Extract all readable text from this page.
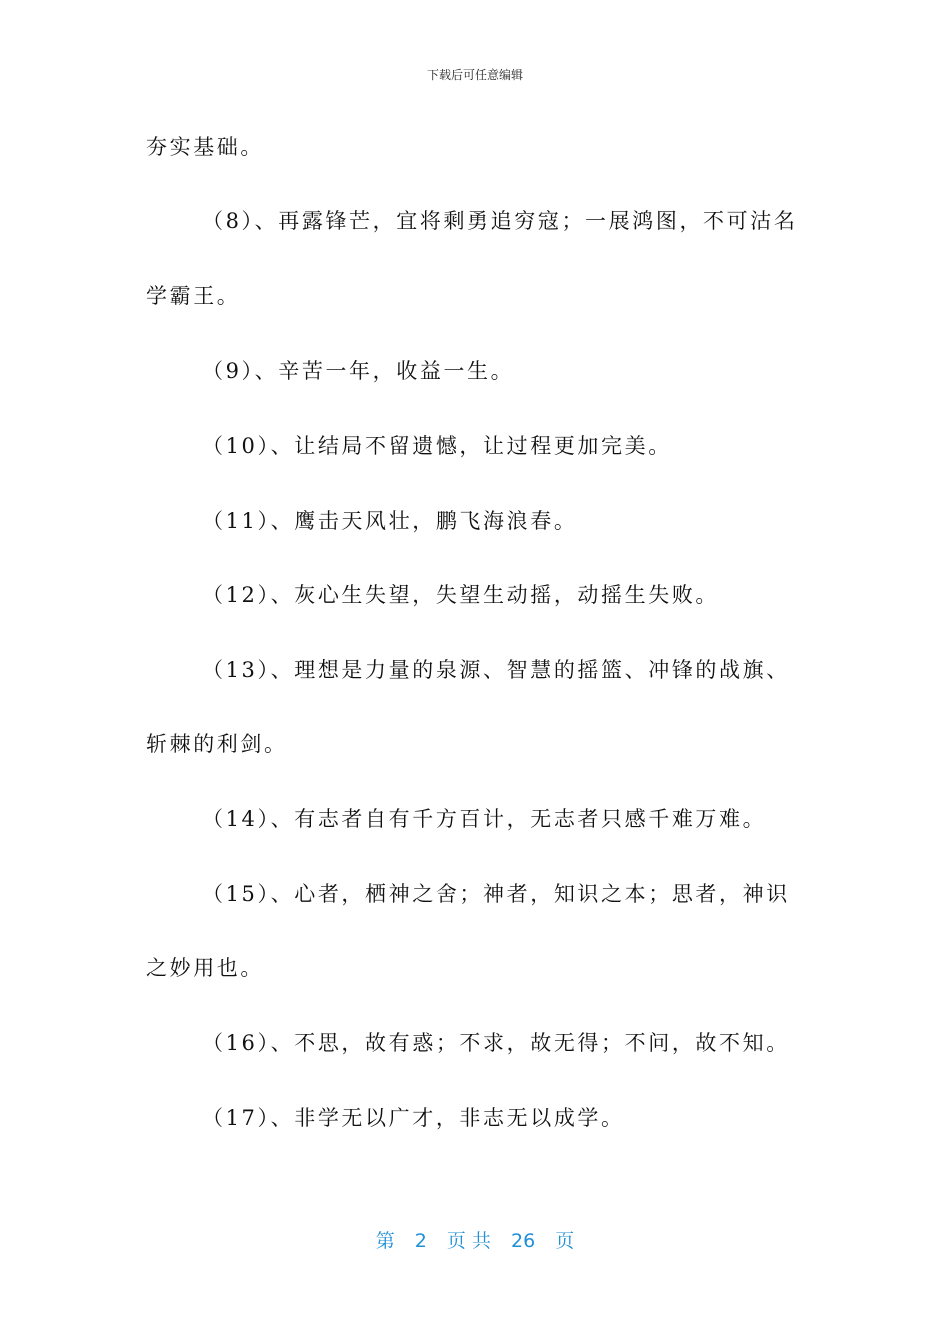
下载后可任意编辑
夯实基础。
（8）、再露锋芒，宜将剩勇追穷寇；一展鸿图，不可沽名
学霸王。
（9）、辛苦一年，收益一生。
（10）、让结局不留遗憾，让过程更加完美。
（11）、鹰击天风壮，鹏飞海浪春。
（12）、灰心生失望，失望生动摇，动摇生失败。
（13）、理想是力量的泉源、智慧的摇篮、冲锋的战旗、
斩棘的利剑。
（14）、有志者自有千方百计，无志者只感千难万难。
（15）、心者，栖神之舍；神者，知识之本；思者，神识
之妙用也。
（16）、不思，故有惑；不求，故无得；不问，故不知。
（17）、非学无以广才，非志无以成学。
第 2 页 共 26 页
